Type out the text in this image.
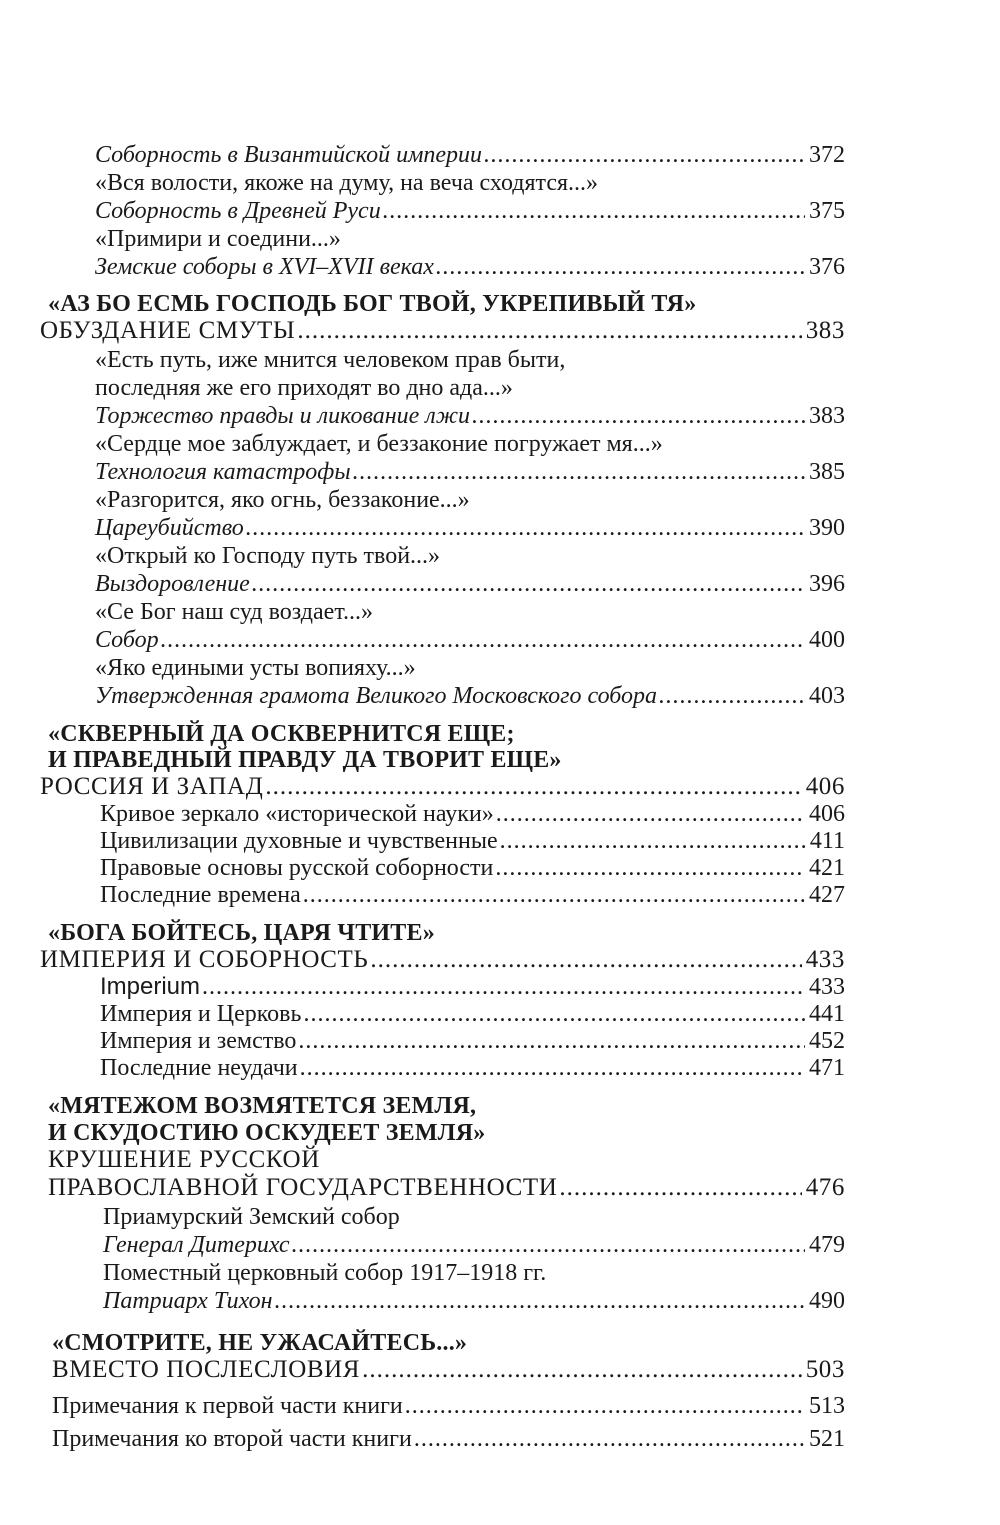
Соборность в Византийской империи .....	372
«Вся волости, якоже на думу, на веча сходятся...»
Соборность в Древней Руси .....	375
«Примири и соедини...»
Земские соборы в XVI–XVII веках .....	376
«АЗ БО ЕСМЬ ГОСПОДЬ БОГ ТВОЙ, УКРЕПИВЫЙ ТЯ»
ОБУЗДАНИЕ СМУТЫ .....	383
«Есть путь, иже мнится человеком прав быти,
последняя же его приходят во дно ада...»
Торжество правды и ликование лжи .....	383
«Сердце мое заблуждает, и беззаконие погружает мя...»
Технология катастрофы .....	385
«Разгорится, яко огнь, беззаконие...»
Цареубийство .....	390
«Открый ко Господу путь твой...»
Выздоровление .....	396
«Се Бог наш суд воздает...»
Собор .....	400
«Яко едиными усты вопияху...»
Утвержденная грамота Великого Московского собора .....	403
«СКВЕРНЫЙ ДА ОСКВЕРНИТСЯ ЕЩЕ;
И ПРАВЕДНЫЙ ПРАВДУ ДА ТВОРИТ ЕЩЕ»
РОССИЯ И ЗАПАД .....	406
Кривое зеркало «исторической науки» .....	406
Цивилизации духовные и чувственные .....	411
Правовые основы русской соборности .....	421
Последние времена .....	427
«БОГА БОЙТЕСЬ, ЦАРЯ ЧТИТЕ»
ИМПЕРИЯ И СОБОРНОСТЬ .....	433
Imperium .....	433
Империя и Церковь .....	441
Империя и земство .....	452
Последние неудачи .....	471
«МЯТЕЖОМ ВОЗМЯТЕТСЯ ЗЕМЛЯ,
И СКУДОСТИЮ ОСКУДЕЕТ ЗЕМЛЯ»
КРУШЕНИЕ РУССКОЙ
ПРАВОСЛАВНОЙ ГОСУДАРСТВЕННОСТИ .....	476
Приамурский Земский собор
Генерал Дитерихс .....	479
Поместный церковный собор 1917–1918 гг.
Патриарх Тихон .....	490
«СМОТРИТЕ, НЕ УЖАСАЙТЕСЬ...»
ВМЕСТО ПОСЛЕСЛОВИЯ .....	503
Примечания к первой части книги .....	513
Примечания ко второй части книги .....	521
